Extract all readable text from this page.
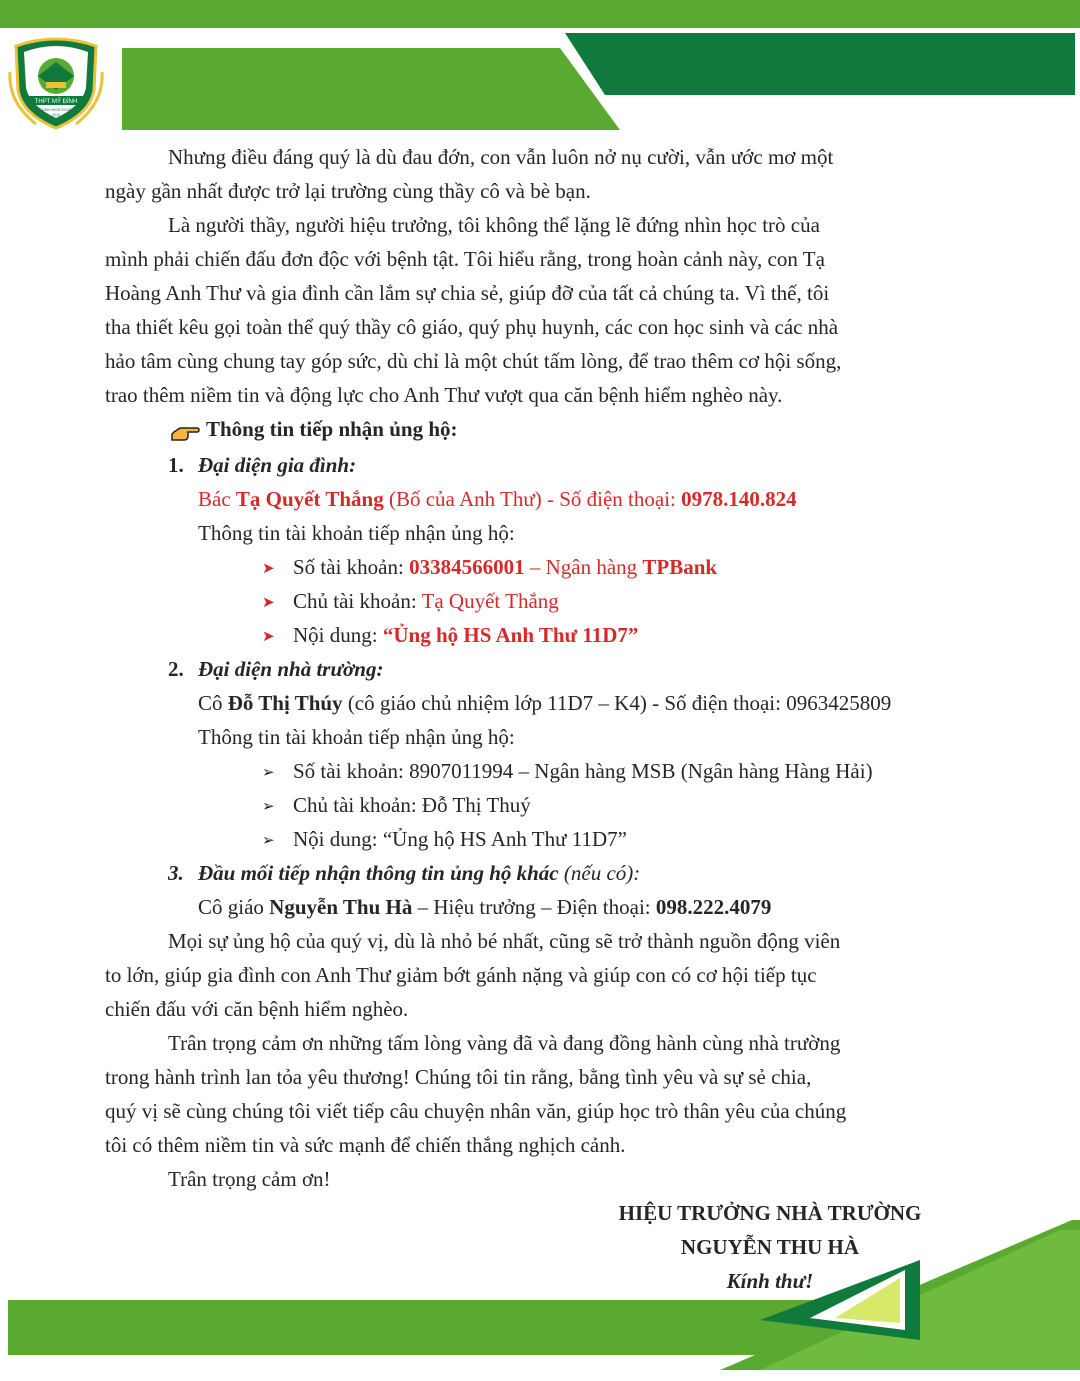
THPT MỸ ĐÌNH
MY DINH HIGH SCHOOL
2010
Nhưng điều đáng quý là dù đau đớn, con vẫn luôn nở nụ cười, vẫn ước mơ một
ngày gần nhất được trở lại trường cùng thầy cô và bè bạn.
Là người thầy, người hiệu trưởng, tôi không thể lặng lẽ đứng nhìn học trò của
mình phải chiến đấu đơn độc với bệnh tật. Tôi hiểu rằng, trong hoàn cảnh này, con Tạ
Hoàng Anh Thư và gia đình cần lắm sự chia sẻ, giúp đỡ của tất cả chúng ta. Vì thế, tôi
tha thiết kêu gọi toàn thể quý thầy cô giáo, quý phụ huynh, các con học sinh và các nhà
hảo tâm cùng chung tay góp sức, dù chỉ là một chút tấm lòng, để trao thêm cơ hội sống,
trao thêm niềm tin và động lực cho Anh Thư vượt qua căn bệnh hiểm nghèo này.
Thông tin tiếp nhận ủng hộ:
1. Đại diện gia đình:
Bác Tạ Quyết Thắng (Bố của Anh Thư) - Số điện thoại: 0978.140.824
Thông tin tài khoản tiếp nhận ủng hộ:
➤ Số tài khoản: 03384566001 – Ngân hàng TPBank
➤ Chủ tài khoản: Tạ Quyết Thắng
➤ Nội dung: “Ủng hộ HS Anh Thư 11D7”
2. Đại diện nhà trường:
Cô Đỗ Thị Thúy (cô giáo chủ nhiệm lớp 11D7 – K4) - Số điện thoại: 0963425809
Thông tin tài khoản tiếp nhận ủng hộ:
➢ Số tài khoản: 8907011994 – Ngân hàng MSB (Ngân hàng Hàng Hải)
➢ Chủ tài khoản: Đỗ Thị Thuý
➢ Nội dung: “Ủng hộ HS Anh Thư 11D7”
3. Đầu mối tiếp nhận thông tin ủng hộ khác (nếu có):
Cô giáo Nguyễn Thu Hà – Hiệu trưởng – Điện thoại: 098.222.4079
Mọi sự ủng hộ của quý vị, dù là nhỏ bé nhất, cũng sẽ trở thành nguồn động viên
to lớn, giúp gia đình con Anh Thư giảm bớt gánh nặng và giúp con có cơ hội tiếp tục
chiến đấu với căn bệnh hiểm nghèo.
Trân trọng cảm ơn những tấm lòng vàng đã và đang đồng hành cùng nhà trường
trong hành trình lan tỏa yêu thương! Chúng tôi tin rằng, bằng tình yêu và sự sẻ chia,
quý vị sẽ cùng chúng tôi viết tiếp câu chuyện nhân văn, giúp học trò thân yêu của chúng
tôi có thêm niềm tin và sức mạnh để chiến thắng nghịch cảnh.
Trân trọng cảm ơn!
HIỆU TRƯỞNG NHÀ TRƯỜNG
NGUYỄN THU HÀ
Kính thư!
